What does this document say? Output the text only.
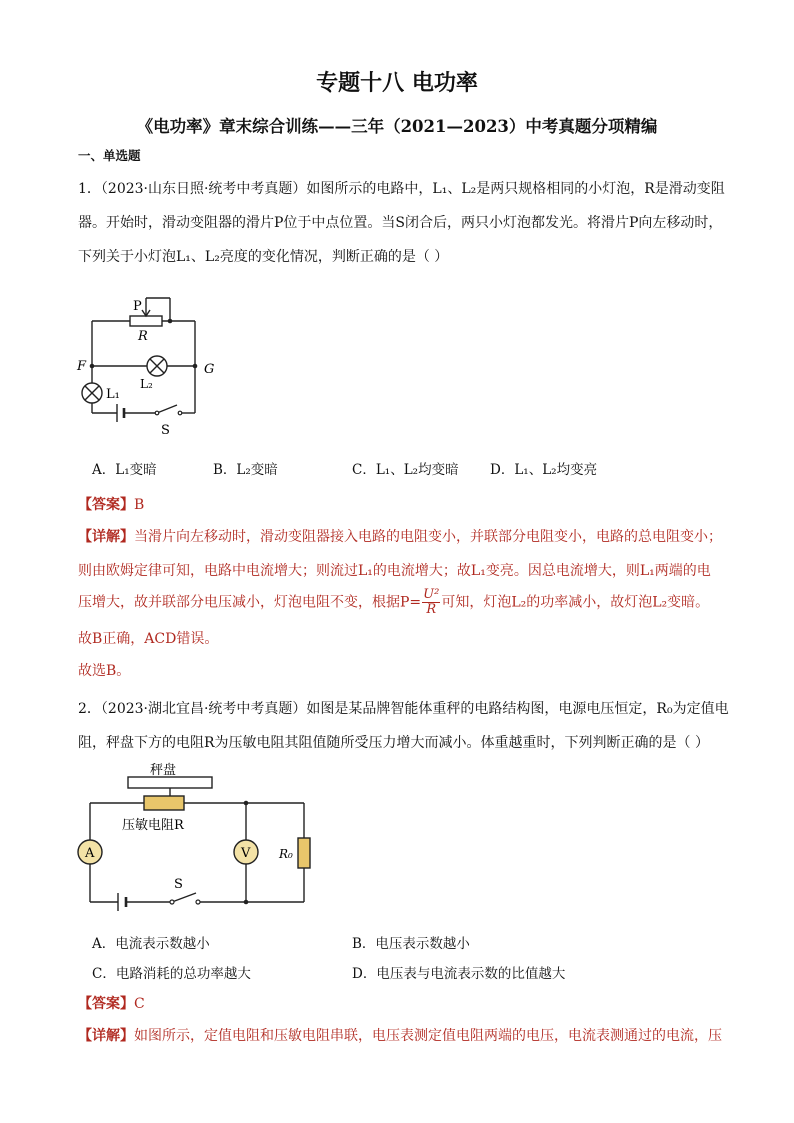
专题十八 电功率
《电功率》章末综合训练——三年（2021—2023）中考真题分项精编
一、单选题
1．（2023·山东日照·统考中考真题）如图所示的电路中，L₁、L₂是两只规格相同的小灯泡，R是滑动变阻
器。开始时，滑动变阻器的滑片P位于中点位置。当S闭合后，两只小灯泡都发光。将滑片P向左移动时，
下列关于小灯泡L₁、L₂亮度的变化情况，判断正确的是（ ）
P
R
F	G
L₁
L₂
S
A．L₁变暗	B．L₂变暗	C．L₁、L₂均变暗 D．L₁、L₂均变亮
【答案】B
【详解】当滑片向左移动时，滑动变阻器接入电路的电阻变小，并联部分电阻变小，电路的总电阻变小；
则由欧姆定律可知，电路中电流增大；则流过L₁的电流增大；故L₁变亮。因总电流增大，则L₁两端的电
压增大，故并联部分电压减小，灯泡电阻不变，根据$P= \frac{\text{U²}}{R}$ 可知，灯泡L₂的功率减小，故灯泡L₂变暗。
故B正确，ACD错误。
故选B。
2．（2023·湖北宜昌·统考中考真题）如图是某品牌智能体重秤的电路结构图，电源电压恒定，R₀为定值电
阻，秤盘下方的电阻R为压敏电阻其阻值随所受压力增大而减小。体重越重时，下列判断正确的是（ ）
A	V
秤盘
压敏电阻R
R₀
S
A．电流表示数越小	B．电压表示数越小
C．电路消耗的总功率越大	D．电压表与电流表示数的比值越大
【答案】C
【详解】如图所示，定值电阻和压敏电阻串联，电压表测定值电阻两端的电压，电流表测通过的电流，压
